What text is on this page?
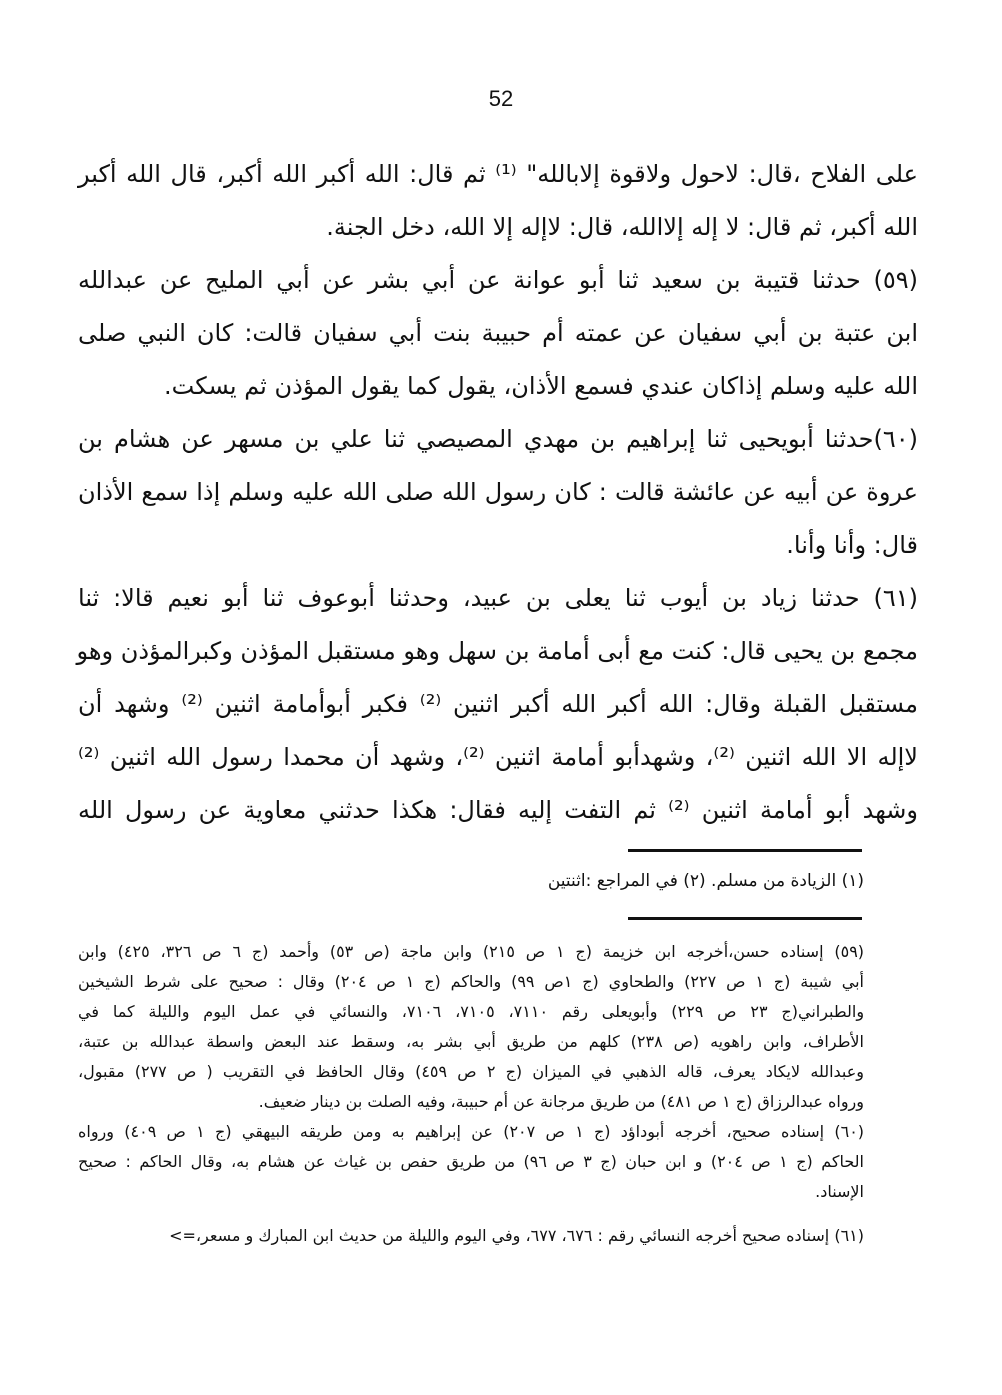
52
على الفلاح ،قال: لاحول ولاقوة إلابالله" ⁽¹⁾ ثم قال: الله أكبر الله أكبر، قال الله أكبر
الله أكبر، ثم قال: لا إله إلاالله، قال: لاإله إلا الله، دخل الجنة.
(٥٩) حدثنا قتيبة بن سعيد ثنا أبو عوانة عن أبي بشر عن أبي المليح عن عبدالله
ابن عتبة بن أبي سفيان عن عمته أم حبيبة بنت أبي سفيان قالت: كان النبي صلى
الله عليه وسلم إذاكان عندي فسمع الأذان، يقول كما يقول المؤذن ثم يسكت.
(٦٠)حدثنا أبويحيى ثنا إبراهيم بن مهدي المصيصي ثنا علي بن مسهر عن هشام بن
عروة عن أبيه عن عائشة قالت : كان رسول الله صلى الله عليه وسلم إذا سمع الأذان
قال: وأنا وأنا.
(٦١) حدثنا زياد بن أيوب ثنا يعلى بن عبيد، وحدثنا أبوعوف ثنا أبو نعيم قالا: ثنا
مجمع بن يحيى قال: كنت مع أبى أمامة بن سهل وهو مستقبل المؤذن وكبرالمؤذن وهو
مستقبل القبلة وقال: الله أكبر الله أكبر اثنين ⁽²⁾ فكبر أبوأمامة اثنين ⁽²⁾ وشهد أن
لاإله الا الله اثنين ⁽²⁾، وشهدأبو أمامة اثنين ⁽²⁾، وشهد أن محمدا رسول الله اثنين ⁽²⁾
وشهد أبو أمامة اثنين ⁽²⁾ ثم التفت إليه فقال: هكذا حدثني معاوية عن رسول الله
(١) الزيادة من مسلم. (٢) في المراجع :اثنتين
(٥٩) إسناده حسن،أخرجه ابن خزيمة (ج ١ ص ٢١٥) وابن ماجة (ص ٥٣) وأحمد (ج ٦ ص ٣٢٦، ٤٢٥) وابن
أبي شيبة (ج ١ ص ٢٢٧) والطحاوي (ج ١ص ٩٩) والحاكم (ج ١ ص ٢٠٤) وقال : صحيح على شرط الشيخين
والطبراني(ج ٢٣ ص ٢٢٩) وأبويعلى رقم ٧١١٠، ٧١٠٥، ٧١٠٦، والنسائي في عمل اليوم والليلة كما في
الأطراف، وابن راهويه (ص ٢٣٨) كلهم من طريق أبي بشر به، وسقط عند البعض واسطة عبدالله بن عتبة،
وعبدالله لايكاد يعرف، قاله الذهبي في الميزان (ج ٢ ص ٤٥٩) وقال الحافظ في التقريب ( ص ٢٧٧) مقبول،
ورواه عبدالرزاق (ج ١ ص ٤٨١) من طريق مرجانة عن أم حبيبة، وفيه الصلت بن دينار ضعيف.
(٦٠) إسناده صحيح، أخرجه أبوداؤد (ج ١ ص ٢٠٧) عن إبراهيم به ومن طريقه البيهقي (ج ١ ص ٤٠٩) ورواه
الحاكم (ج ١ ص ٢٠٤) و ابن حبان (ج ٣ ص ٩٦) من طريق حفص بن غياث عن هشام به، وقال الحاكم : صحيح
الإسناد.
(٦١) إسناده صحيح أخرجه النسائي رقم : ٦٧٦، ٦٧٧، وفي اليوم والليلة من حديث ابن المبارك و مسعر،=>
